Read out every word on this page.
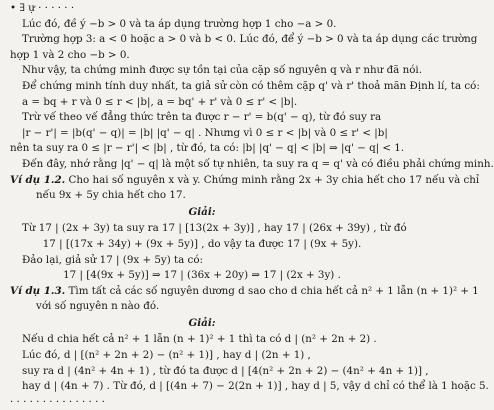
• ∃ ự · · · · · ·
Lúc đó, đề ý −b > 0 và ta áp dụng trường hợp 1 cho −a > 0.
Trường hợp 3: a < 0 hoặc a > 0 và b < 0. Lúc đó, để ý −b > 0 và ta áp dụng các trường
hợp 1 và 2 cho −b > 0.
Như vậy, ta chứng minh được sự tồn tại của cặp số nguyên q và r như đã nói.
Để chứng minh tính duy nhất, ta giả sử còn có thêm cặp q' và r' thoả mãn Định lí, ta có:
a = bq + r và 0 ≤ r < |b|, a = bq' + r' và 0 ≤ r' < |b|.
Trừ vế theo vế đẳng thức trên ta được r − r' = b(q' − q), từ đó suy ra
|r − r'| = |b(q' − q)| = |b| |q' − q| . Nhưng vì 0 ≤ r < |b| và 0 ≤ r' < |b|
nên ta suy ra 0 ≤ |r − r'| < |b| , từ đó, ta có: |b| |q' − q| < |b| ⇒ |q' − q| < 1.
Đến đây, nhớ rằng |q' − q| là một số tự nhiên, ta suy ra q = q' và có điều phải chứng minh.
Ví dụ 1.2. Cho hai số nguyên x và y. Chứng minh rằng 2x + 3y chia hết cho 17 nếu và chỉ
nếu 9x + 5y chia hết cho 17.
Giải:
Từ 17 | (2x + 3y) ta suy ra 17 | [13(2x + 3y)] , hay 17 | (26x + 39y) , từ đó
17 | [(17x + 34y) + (9x + 5y)] , do vậy ta được 17 | (9x + 5y).
Đảo lại, giả sử 17 | (9x + 5y) ta có:
17 | [4(9x + 5y)] ⇒ 17 | (36x + 20y) ⇒ 17 | (2x + 3y) .
Ví dụ 1.3. Tìm tất cả các số nguyên dương d sao cho d chia hết cả n² + 1 lẫn (n + 1)² + 1
với số nguyên n nào đó.
Giải:
Nếu d chia hết cả n² + 1 lẫn (n + 1)² + 1 thì ta có d | (n² + 2n + 2) .
Lúc đó, d | [(n² + 2n + 2) − (n² + 1)] , hay d | (2n + 1) ,
suy ra d | (4n² + 4n + 1) , từ đó ta được d | [4(n² + 2n + 2) − (4n² + 4n + 1)] ,
hay d | (4n + 7) . Từ đó, d | [(4n + 7) − 2(2n + 1)] , hay d | 5, vậy d chỉ có thể là 1 hoặc 5.
· · · · · · · · · · · · · · ·
